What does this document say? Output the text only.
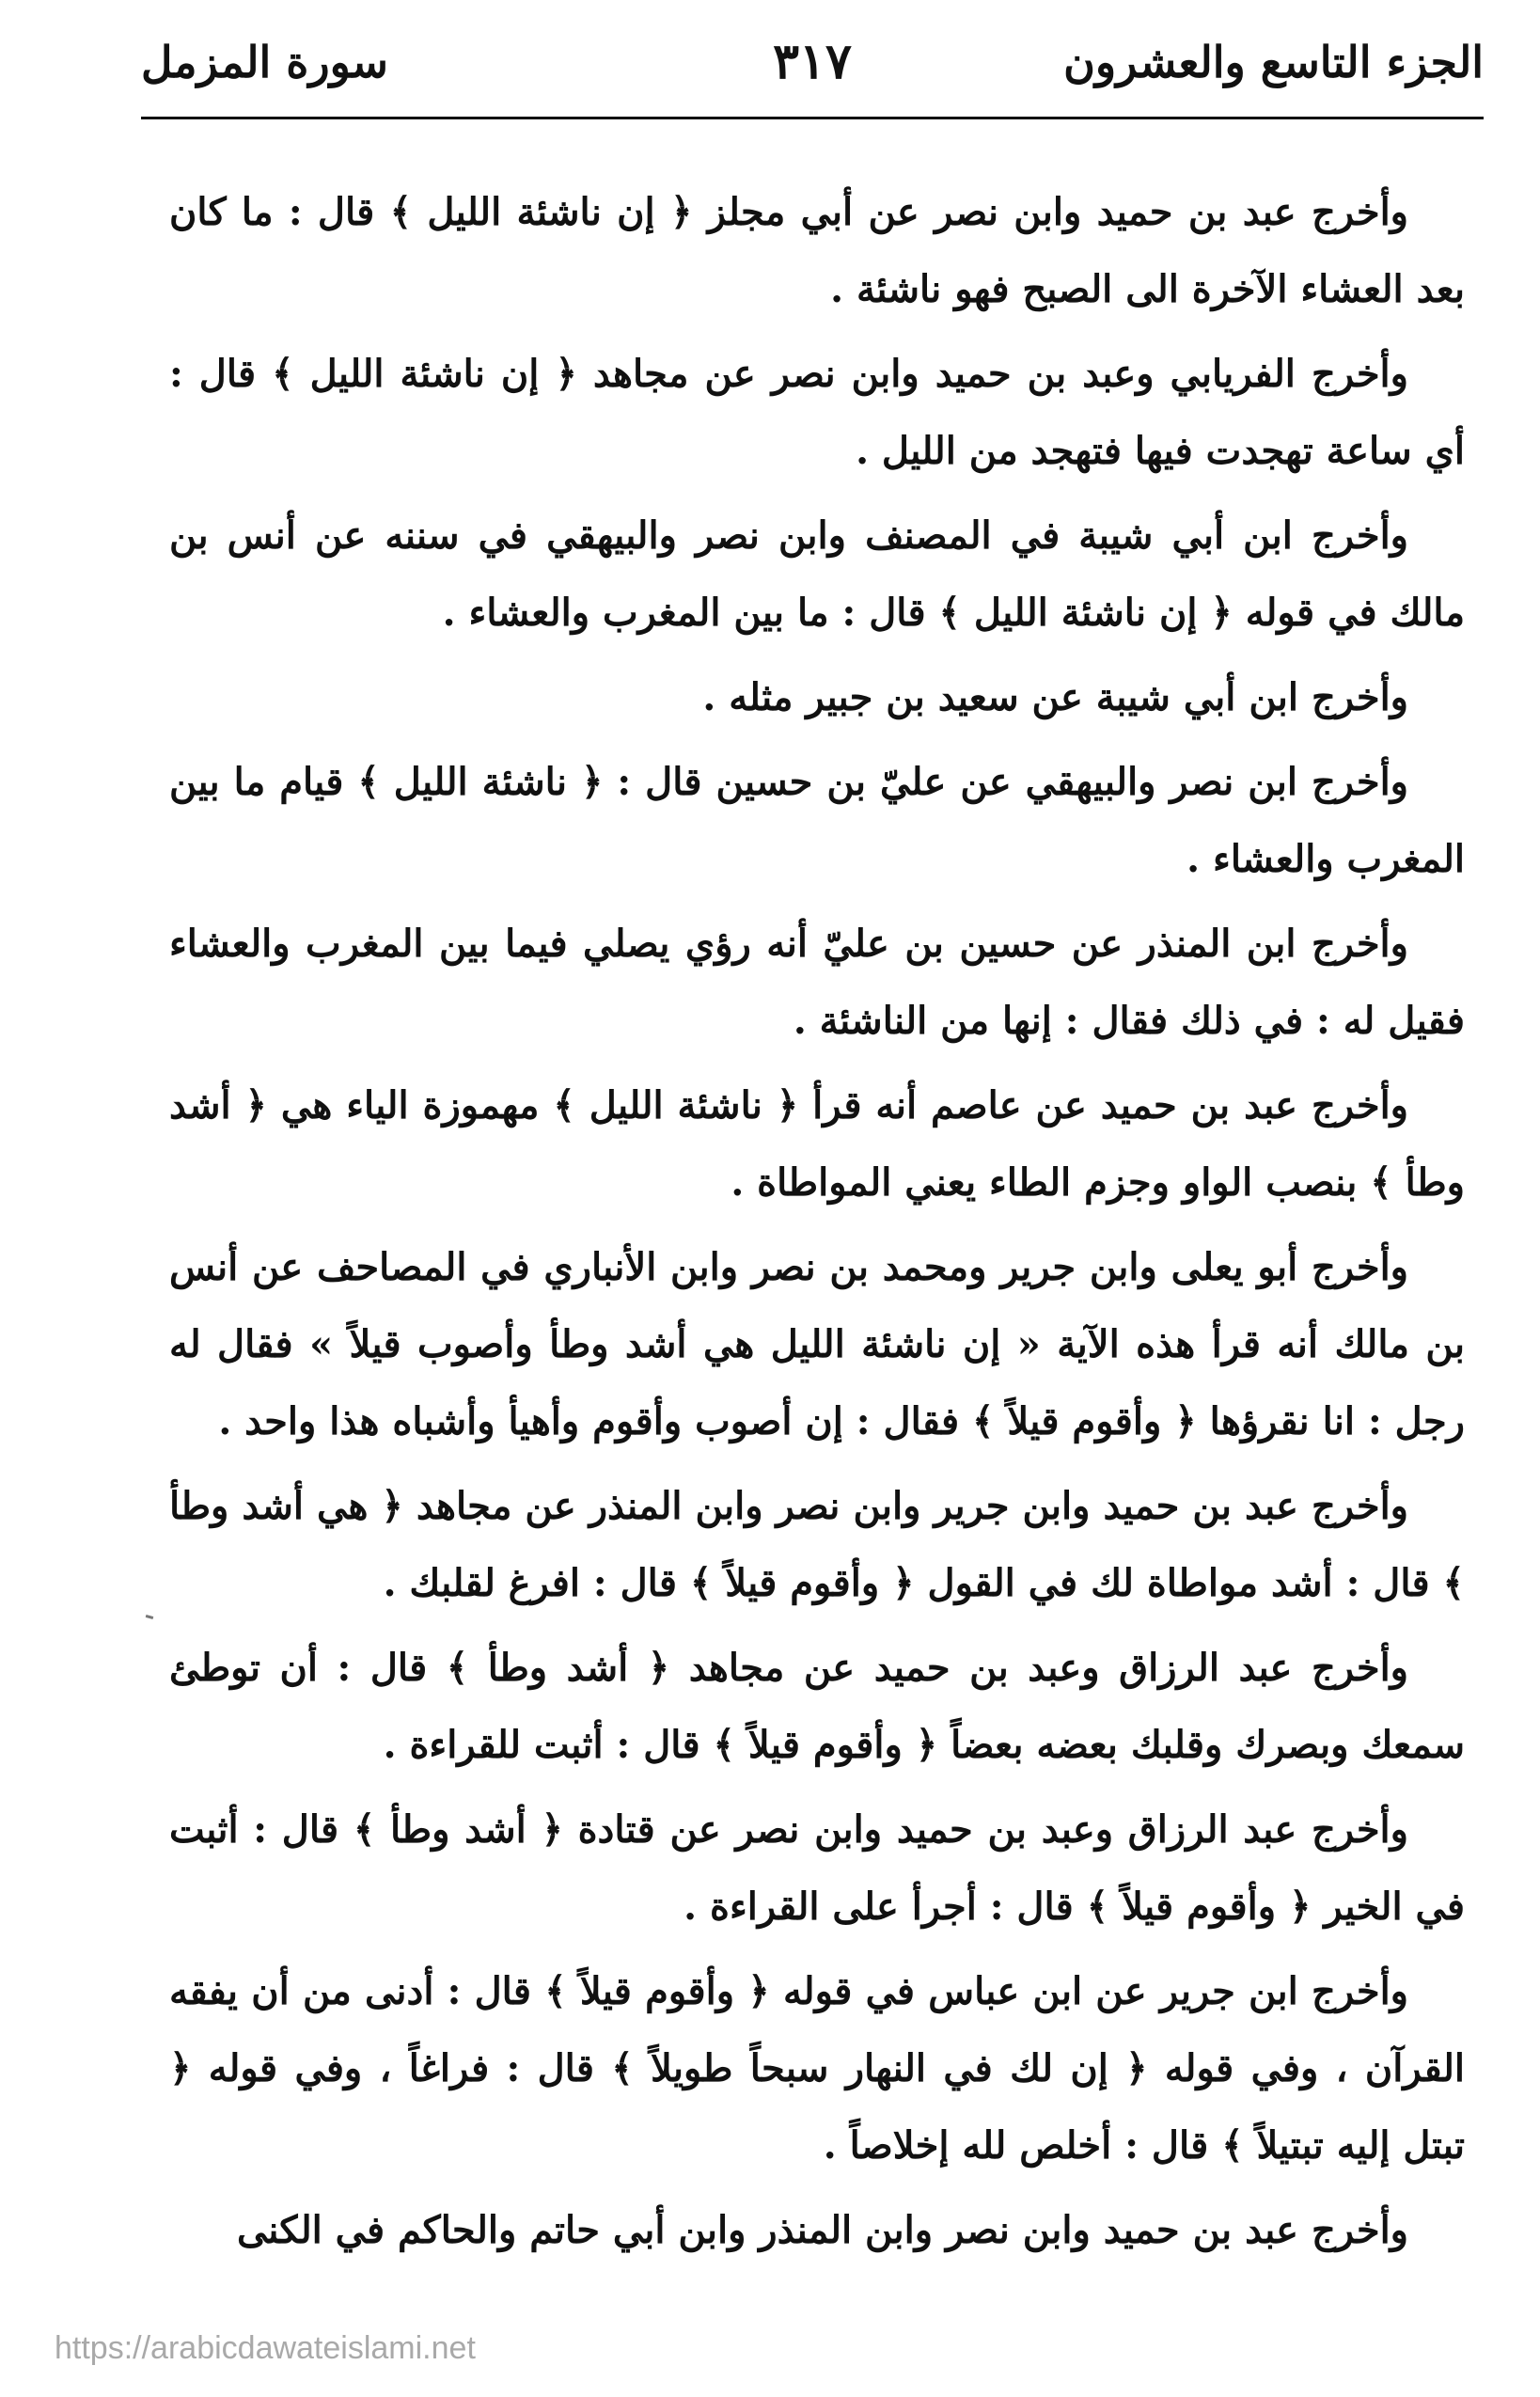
الجزء التاسع والعشرون
٣١٧
سورة المزمل

وأخرج عبد بن حميد وابن نصر عن أبي مجلز ﴿ إن ناشئة الليل ﴾ قال : ما كان بعد العشاء الآخرة الى الصبح فهو ناشئة .

وأخرج الفريابي وعبد بن حميد وابن نصر عن مجاهد ﴿ إن ناشئة الليل ﴾ قال : أي ساعة تهجدت فيها فتهجد من الليل .

وأخرج ابن أبي شيبة في المصنف وابن نصر والبيهقي في سننه عن أنس بن مالك في قوله ﴿ إن ناشئة الليل ﴾ قال : ما بين المغرب والعشاء .

وأخرج ابن أبي شيبة عن سعيد بن جبير مثله .

وأخرج ابن نصر والبيهقي عن عليّ بن حسين قال : ﴿ ناشئة الليل ﴾ قيام ما بين المغرب والعشاء .

وأخرج ابن المنذر عن حسين بن عليّ أنه رؤي يصلي فيما بين المغرب والعشاء فقيل له : في ذلك فقال : إنها من الناشئة .

وأخرج عبد بن حميد عن عاصم أنه قرأ ﴿ ناشئة الليل ﴾ مهموزة الياء هي ﴿ أشد وطأ ﴾ بنصب الواو وجزم الطاء يعني المواطاة .

وأخرج أبو يعلى وابن جرير ومحمد بن نصر وابن الأنباري في المصاحف عن أنس بن مالك أنه قرأ هذه الآية « إن ناشئة الليل هي أشد وطأ وأصوب قيلاً » فقال له رجل : انا نقرؤها ﴿ وأقوم قيلاً ﴾ فقال : إن أصوب وأقوم وأهيأ وأشباه هذا واحد .

وأخرج عبد بن حميد وابن جرير وابن نصر وابن المنذر عن مجاهد ﴿ هي أشد وطأ ﴾ قال : أشد مواطاة لك في القول ﴿ وأقوم قيلاً ﴾ قال : افرغ لقلبك .

وأخرج عبد الرزاق وعبد بن حميد عن مجاهد ﴿ أشد وطأ ﴾ قال : أن توطئ سمعك وبصرك وقلبك بعضه بعضاً ﴿ وأقوم قيلاً ﴾ قال : أثبت للقراءة .

وأخرج عبد الرزاق وعبد بن حميد وابن نصر عن قتادة ﴿ أشد وطأ ﴾ قال : أثبت في الخير ﴿ وأقوم قيلاً ﴾ قال : أجرأ على القراءة .

وأخرج ابن جرير عن ابن عباس في قوله ﴿ وأقوم قيلاً ﴾ قال : أدنى من أن يفقه القرآن ، وفي قوله ﴿ إن لك في النهار سبحاً طويلاً ﴾ قال : فراغاً ، وفي قوله ﴿ تبتل إليه تبتيلاً ﴾ قال : أخلص لله إخلاصاً .

وأخرج عبد بن حميد وابن نصر وابن المنذر وابن أبي حاتم والحاكم في الكنى

https://arabicdawateislami.net
